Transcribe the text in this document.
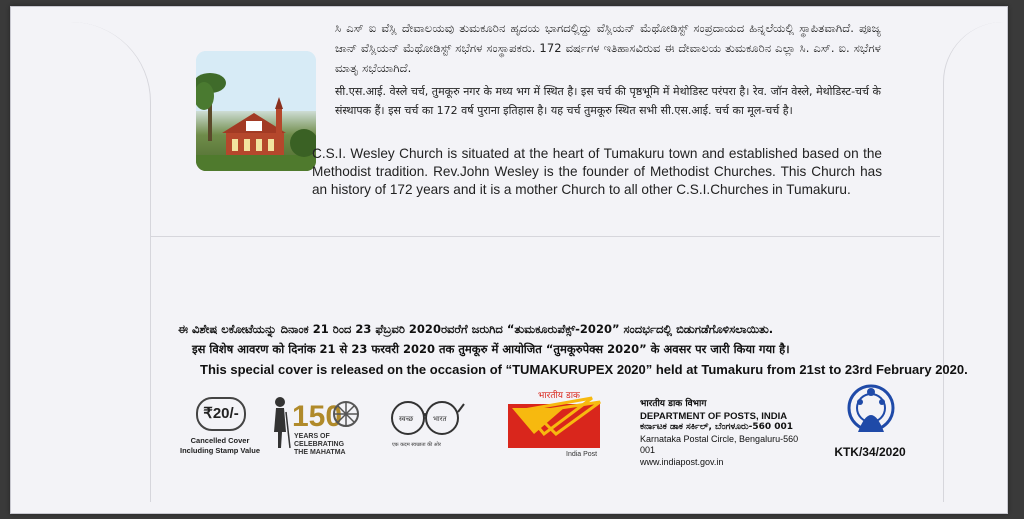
ಸಿ ಎಸ್ ಐ ವೆಸ್ಲಿ ದೇವಾಲಯವು ತುಮಕೂರಿನ ಹೃದಯ ಭಾಗದಲ್ಲಿದ್ದು ವೆಸ್ಲಿಯನ್ ಮೆಥೋಡಿಸ್ಟ್ ಸಂಪ್ರದಾಯದ ಹಿನ್ನಲೆಯಲ್ಲಿ ಸ್ಥಾಪಿತವಾಗಿದೆ. ಪೂಜ್ಯ ಜಾನ್ ವೆಸ್ಲಿಯನ್ ಮೆಥೋಡಿಸ್ಟ್ ಸಭೆಗಳ ಸಂಸ್ಥಾಪಕರು. 172 ವರ್ಷಗಳ ಇತಿಹಾಸವಿರುವ ಈ ದೇವಾಲಯ ತುಮಕೂರಿನ ಎಲ್ಲಾ ಸಿ. ಎಸ್. ಐ. ಸಭೆಗಳ ಮಾತೃ ಸಭೆಯಾಗಿದೆ.
सी.एस.आई. वेस्ले चर्च, तुमकूरु नगर के मध्य भग में स्थित है। इस चर्च की पृष्ठभूमि में मेथोडिस्ट परंपरा है। रेव. जॉन वेस्ले, मेथोडिस्ट-चर्च के संस्थापक हैं। इस चर्च का 172 वर्ष पुराना इतिहास है। यह चर्च तुमकूरु स्थित सभी सी.एस.आई. चर्च का मूल-चर्च है।
C.S.I. Wesley Church is situated at the heart of Tumakuru town and established based on the Methodist tradition. Rev.John Wesley is the founder of Methodist Churches. This Church has an history of 172 years and it is a mother Church to all other C.S.I.Churches in Tumakuru.
ಈ ವಿಶೇಷ ಲಕೋಟೆಯನ್ನು ದಿನಾಂಕ 21 ರಿಂದ 23 ಫೆಬ್ರವರಿ 2020ರವರೆಗೆ ಜರುಗಿದ “ತುಮಕೂರುಪೆಕ್ಸ್-2020” ಸಂದರ್ಭದಲ್ಲಿ ಬಿಡುಗಡೆಗೊಳಿಸಲಾಯಿತು.
इस विशेष आवरण को दिनांक 21 से 23 फरवरी 2020 तक तुमकूरु में आयोजित “तुमकूरुपेक्स 2020” के अवसर पर जारी किया गया है।
This special cover is released on the occasion of “TUMAKURUPEX 2020” held at Tumakuru from 21st to 23rd February 2020.
₹20/-
Cancelled Cover
Including Stamp Value
150
YEARS OF
CELEBRATING
THE MAHATMA
स्वच्छ	भारत
एक कदम स्वच्छता की ओर
भारतीय डाक
India Post
भारतीय डाक विभाग
DEPARTMENT OF POSTS, INDIA
ಕರ್ನಾಟಕ ಡಾಕ ಸರ್ಕಿಲ್, ಬೆಂಗಳೂರು-560 001
Karnataka Postal Circle, Bengaluru-560 001
www.indiapost.gov.in
KTK/34/2020
